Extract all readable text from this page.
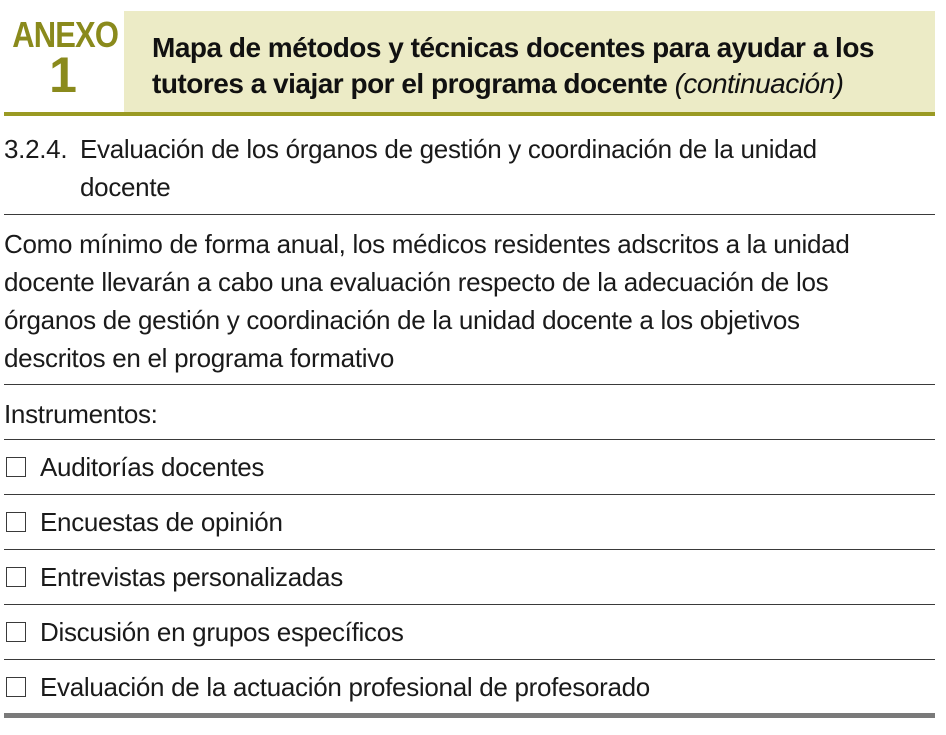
ANEXO
1	Mapa de métodos y técnicas docentes para ayudar a los tutores a viajar por el programa docente (continuación)
3.2.4. Evaluación de los órganos de gestión y coordinación de la unidad
docente
Como mínimo de forma anual, los médicos residentes adscritos a la unidad
docente llevarán a cabo una evaluación respecto de la adecuación de los
órganos de gestión y coordinación de la unidad docente a los objetivos
descritos en el programa formativo
Instrumentos:
Auditorías docentes
Encuestas de opinión
Entrevistas personalizadas
Discusión en grupos específicos
Evaluación de la actuación profesional de profesorado
